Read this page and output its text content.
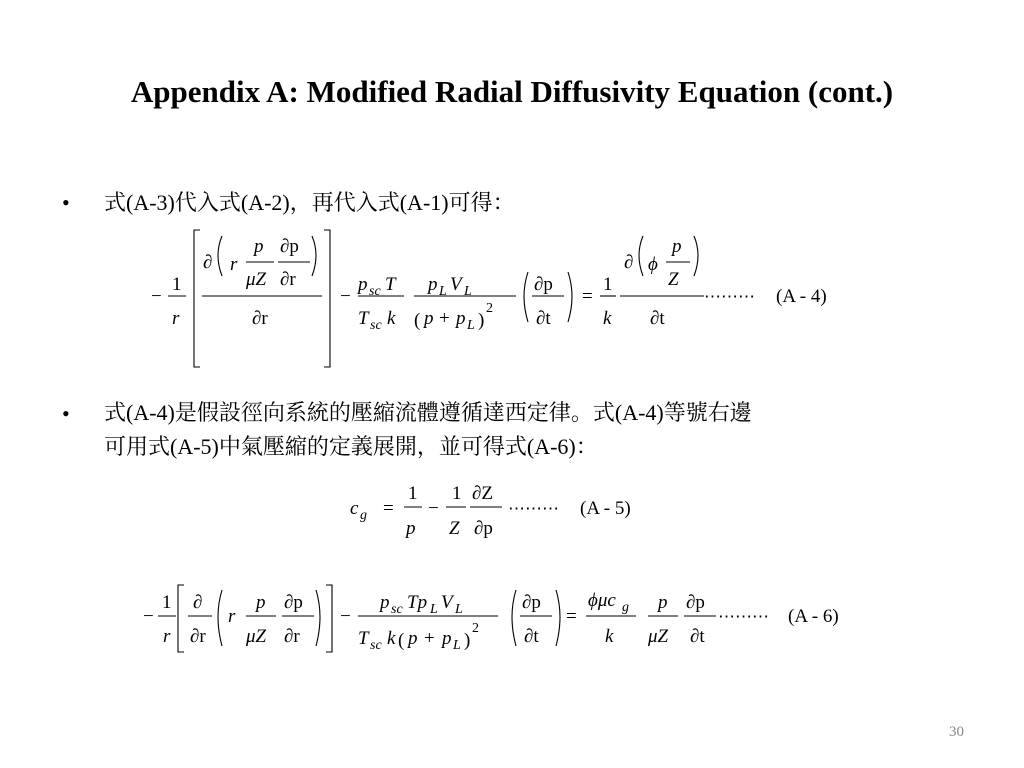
Appendix A: Modified Radial Diffusivity Equation (cont.)
• 式(A-3)代入式(A-2)，再代入式(A-1)可得：
−
1
r
∂ r
p
μZ
∂p
∂r
∂r
−
p sc T
T sc k
p L V L
( p + p L )
2
∂p
∂t
=
1
k
∂ ϕ
p
Z
∂t
⋯⋯⋯ (A - 4)
• 式(A-4)是假設徑向系統的壓縮流體遵循達西定律。式(A-4)等號右邊
可用式(A-5)中氣壓縮的定義展開，並可得式(A-6)：
c g =
1
p
−
1
Z
∂Z
∂p
⋯⋯⋯ (A - 5)
−
1
r
∂
∂r
r
p
μZ
∂p
∂r
−
p sc Tp L V L
T sc k ( p + p L )
2
∂p
∂t
=
ϕμc g
k
p
μZ
∂p
∂t
⋯⋯⋯ (A - 6)
30
